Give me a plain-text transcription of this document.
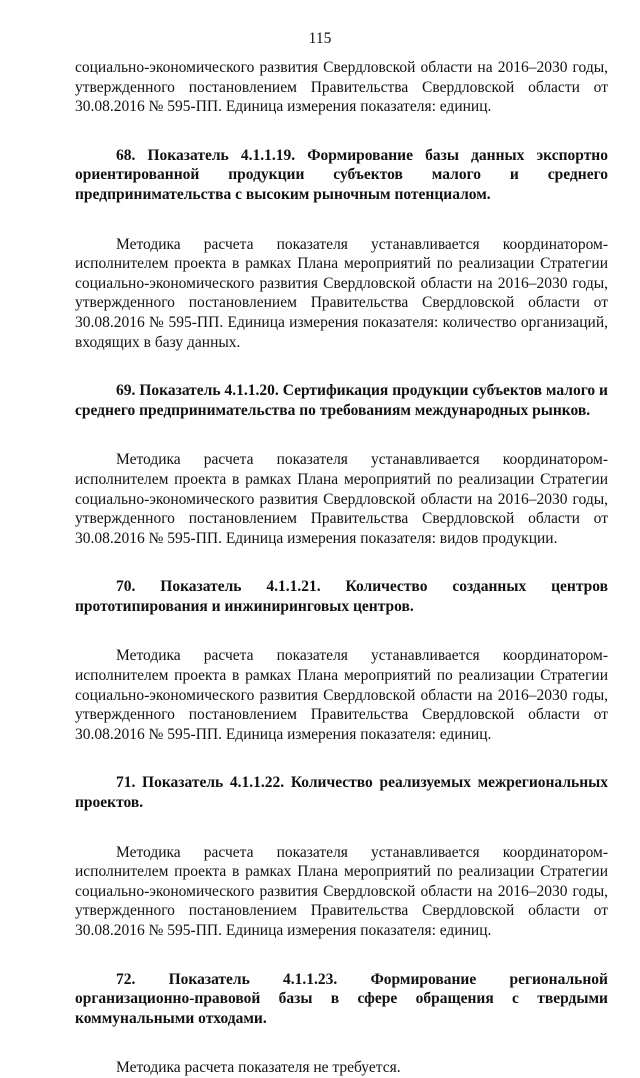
115

социально-экономического развития Свердловской области на 2016–2030 годы, утвержденного постановлением Правительства Свердловской области от 30.08.2016 № 595-ПП. Единица измерения показателя: единиц.

68. Показатель 4.1.1.19. Формирование базы данных экспортно ориентированной продукции субъектов малого и среднего предпринимательства с высоким рыночным потенциалом.

Методика расчета показателя устанавливается координатором-исполнителем проекта в рамках Плана мероприятий по реализации Стратегии социально-экономического развития Свердловской области на 2016–2030 годы, утвержденного постановлением Правительства Свердловской области от 30.08.2016 № 595-ПП. Единица измерения показателя: количество организаций, входящих в базу данных.

69. Показатель 4.1.1.20. Сертификация продукции субъектов малого и среднего предпринимательства по требованиям международных рынков.

Методика расчета показателя устанавливается координатором-исполнителем проекта в рамках Плана мероприятий по реализации Стратегии социально-экономического развития Свердловской области на 2016–2030 годы, утвержденного постановлением Правительства Свердловской области от 30.08.2016 № 595-ПП. Единица измерения показателя: видов продукции.

70. Показатель 4.1.1.21. Количество созданных центров прототипирования и инжиниринговых центров.

Методика расчета показателя устанавливается координатором-исполнителем проекта в рамках Плана мероприятий по реализации Стратегии социально-экономического развития Свердловской области на 2016–2030 годы, утвержденного постановлением Правительства Свердловской области от 30.08.2016 № 595-ПП. Единица измерения показателя: единиц.

71. Показатель 4.1.1.22. Количество реализуемых межрегиональных проектов.

Методика расчета показателя устанавливается координатором-исполнителем проекта в рамках Плана мероприятий по реализации Стратегии социально-экономического развития Свердловской области на 2016–2030 годы, утвержденного постановлением Правительства Свердловской области от 30.08.2016 № 595-ПП. Единица измерения показателя: единиц.

72. Показатель 4.1.1.23. Формирование региональной организационно-правовой базы в сфере обращения с твердыми коммунальными отходами.

Методика расчета показателя не требуется.
